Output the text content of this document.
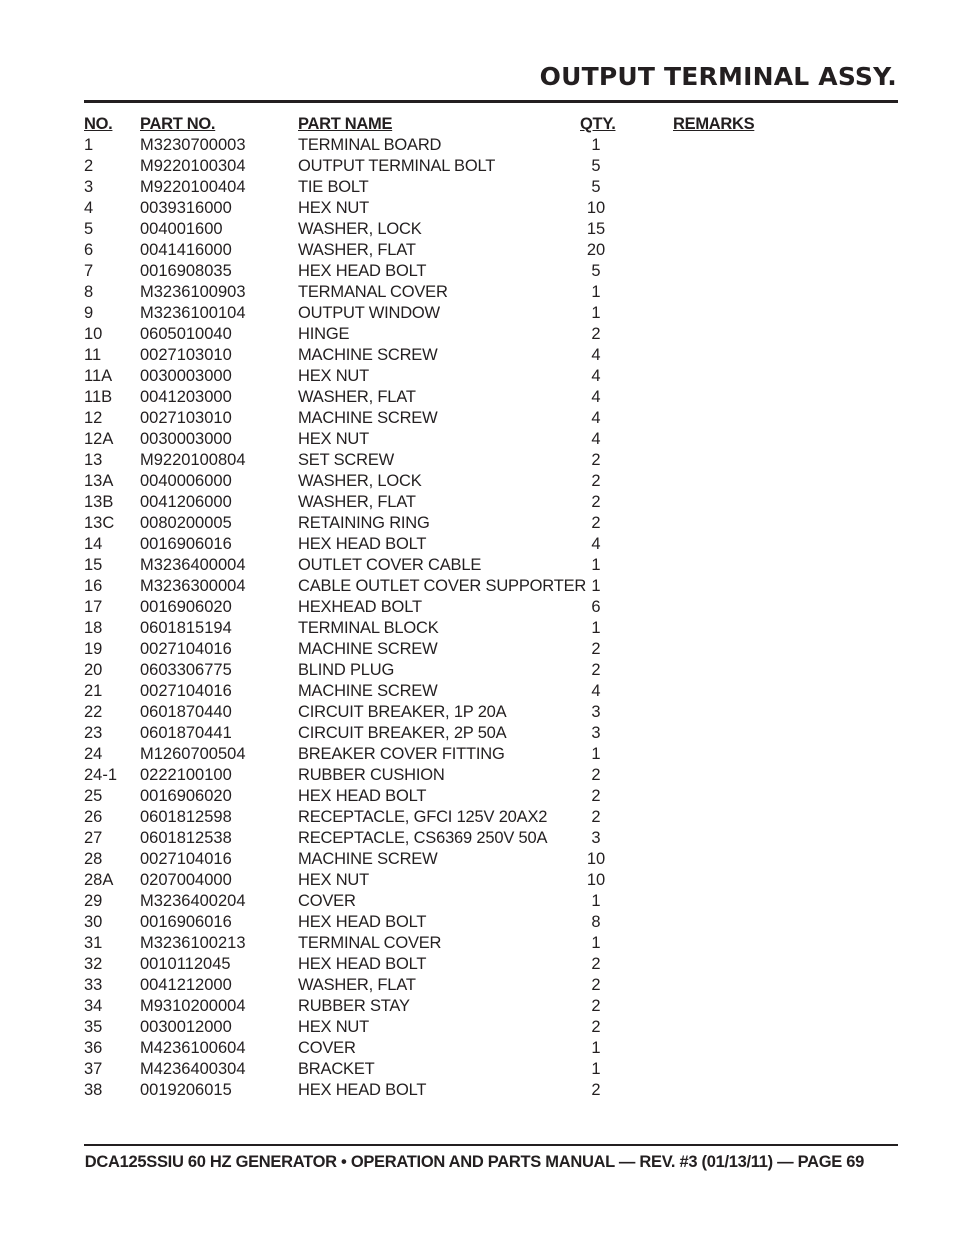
OUTPUT TERMINAL ASSY.
NO. PART NO.	PART NAME	QTY.	REMARKS
1	M3230700003	TERMINAL BOARD	1
2	M9220100304	OUTPUT TERMINAL BOLT	5
3	M9220100404	TIE BOLT	5
4	0039316000	HEX NUT	10
5	004001600	WASHER, LOCK	15
6	0041416000	WASHER, FLAT	20
7	0016908035	HEX HEAD BOLT	5
8	M3236100903	TERMANAL COVER	1
9	M3236100104	OUTPUT WINDOW	1
10 0605010040	HINGE	2
11 0027103010	MACHINE SCREW	4
11A 0030003000	HEX NUT	4
11B 0041203000	WASHER, FLAT	4
12 0027103010	MACHINE SCREW	4
12A 0030003000	HEX NUT	4
13 M9220100804	SET SCREW	2
13A 0040006000	WASHER, LOCK	2
13B 0041206000	WASHER, FLAT	2
13C 0080200005	RETAINING RING	2
14 0016906016	HEX HEAD BOLT	4
15 M3236400004	OUTLET COVER CABLE	1
16 M3236300004	CABLE OUTLET COVER SUPPORTER 1
17 0016906020	HEXHEAD BOLT	6
18 0601815194	TERMINAL BLOCK	1
19 0027104016	MACHINE SCREW	2
20 0603306775	BLIND PLUG	2
21 0027104016	MACHINE SCREW	4
22 0601870440	CIRCUIT BREAKER, 1P 20A	3
23 0601870441	CIRCUIT BREAKER, 2P 50A	3
24 M1260700504	BREAKER COVER FITTING	1
24-1 0222100100	RUBBER CUSHION	2
25 0016906020	HEX HEAD BOLT	2
26 0601812598	RECEPTACLE, GFCI 125V 20AX2	2
27 0601812538	RECEPTACLE, CS6369 250V 50A	3
28 0027104016	MACHINE SCREW	10
28A 0207004000	HEX NUT	10
29 M3236400204	COVER	1
30 0016906016	HEX HEAD BOLT	8
31 M3236100213	TERMINAL COVER	1
32 0010112045	HEX HEAD BOLT	2
33 0041212000	WASHER, FLAT	2
34 M9310200004	RUBBER STAY	2
35 0030012000	HEX NUT	2
36 M4236100604	COVER	1
37 M4236400304	BRACKET	1
38 0019206015	HEX HEAD BOLT	2
DCA125SSIU 60 HZ GENERATOR • OPERATION AND PARTS MANUAL — REV. #3 (01/13/11) — PAGE 69
